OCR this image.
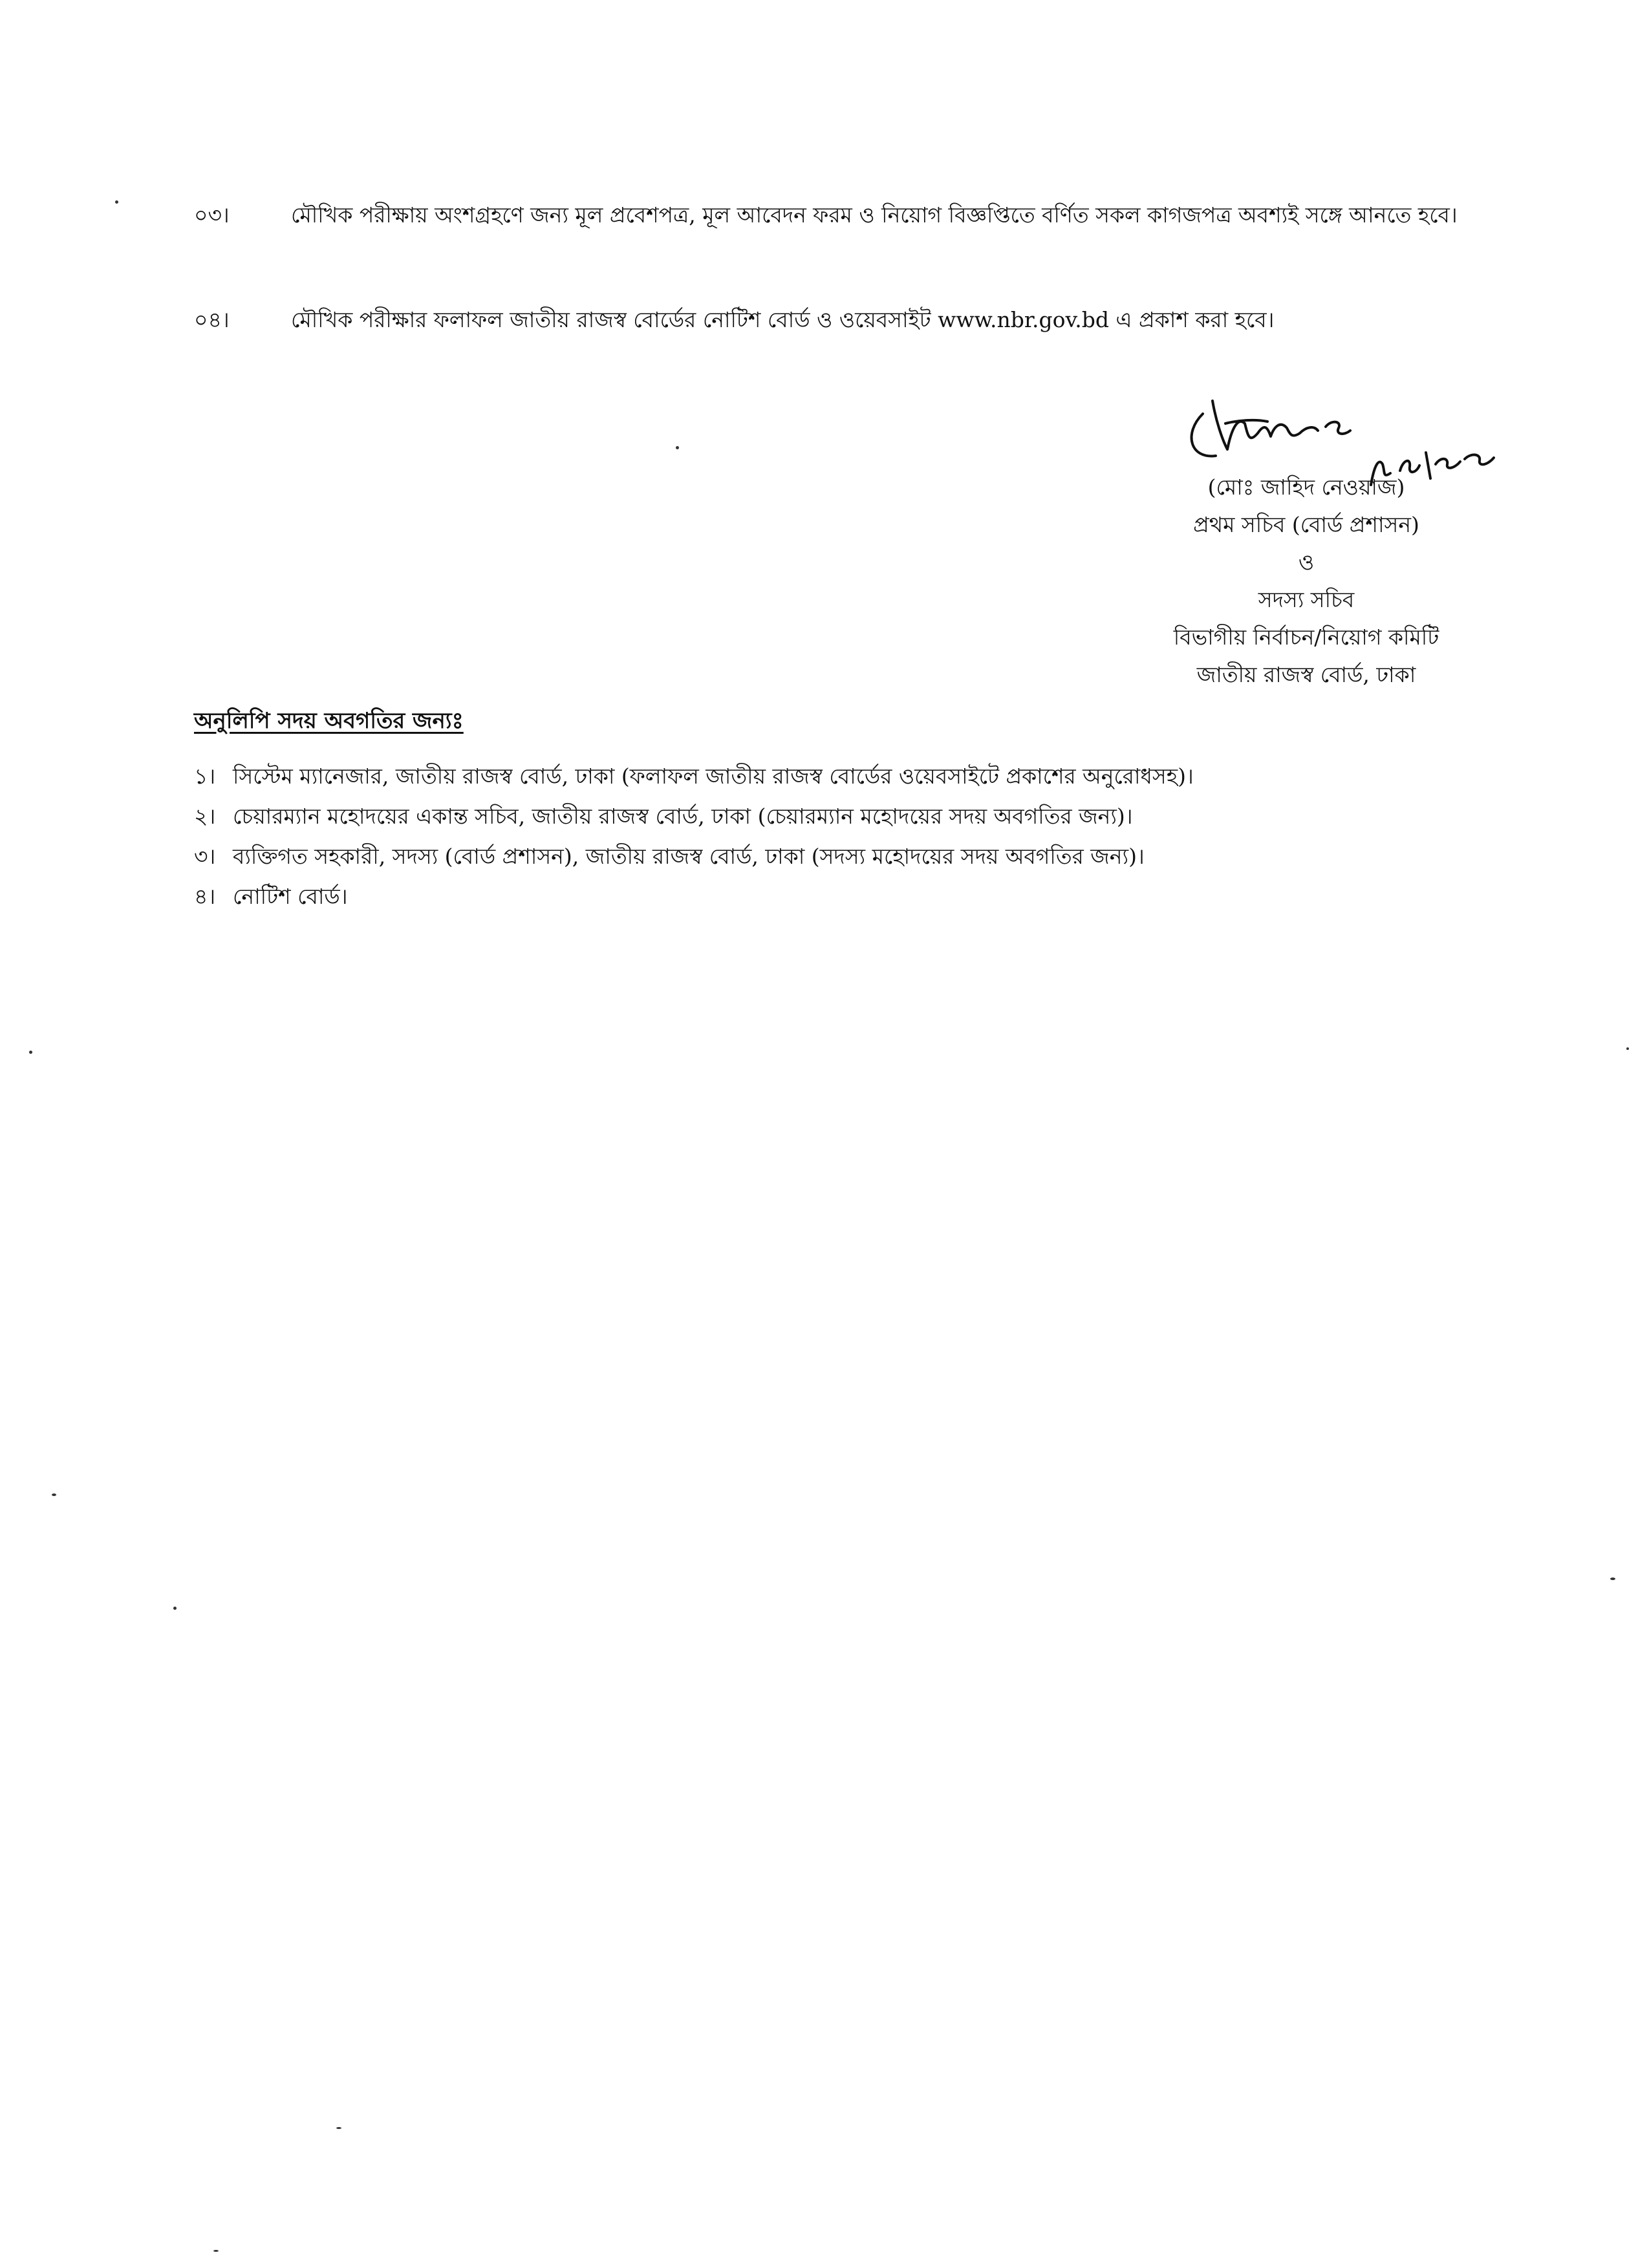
০৩।	মৌখিক পরীক্ষায় অংশগ্রহণে জন্য মূল প্রবেশপত্র, মূল আবেদন ফরম ও নিয়োগ বিজ্ঞপ্তিতে বর্ণিত সকল কাগজপত্র অবশ্যই সঙ্গে আনতে হবে।
০৪।	মৌখিক পরীক্ষার ফলাফল জাতীয় রাজস্ব বোর্ডের নোটিশ বোর্ড ও ওয়েবসাইট www.nbr.gov.bd এ প্রকাশ করা হবে।
(মোঃ জাহিদ নেওয়াজ)
প্রথম সচিব (বোর্ড প্রশাসন)
ও
সদস্য সচিব
বিভাগীয় নির্বাচন/নিয়োগ কমিটি
জাতীয় রাজস্ব বোর্ড, ঢাকা
অনুলিপি সদয় অবগতির জন্যঃ
১। সিস্টেম ম্যানেজার, জাতীয় রাজস্ব বোর্ড, ঢাকা (ফলাফল জাতীয় রাজস্ব বোর্ডের ওয়েবসাইটে প্রকাশের অনুরোধসহ)।
২। চেয়ারম্যান মহোদয়ের একান্ত সচিব, জাতীয় রাজস্ব বোর্ড, ঢাকা (চেয়ারম্যান মহোদয়ের সদয় অবগতির জন্য)।
৩। ব্যক্তিগত সহকারী, সদস্য (বোর্ড প্রশাসন), জাতীয় রাজস্ব বোর্ড, ঢাকা (সদস্য মহোদয়ের সদয় অবগতির জন্য)।
৪। নোটিশ বোর্ড।
